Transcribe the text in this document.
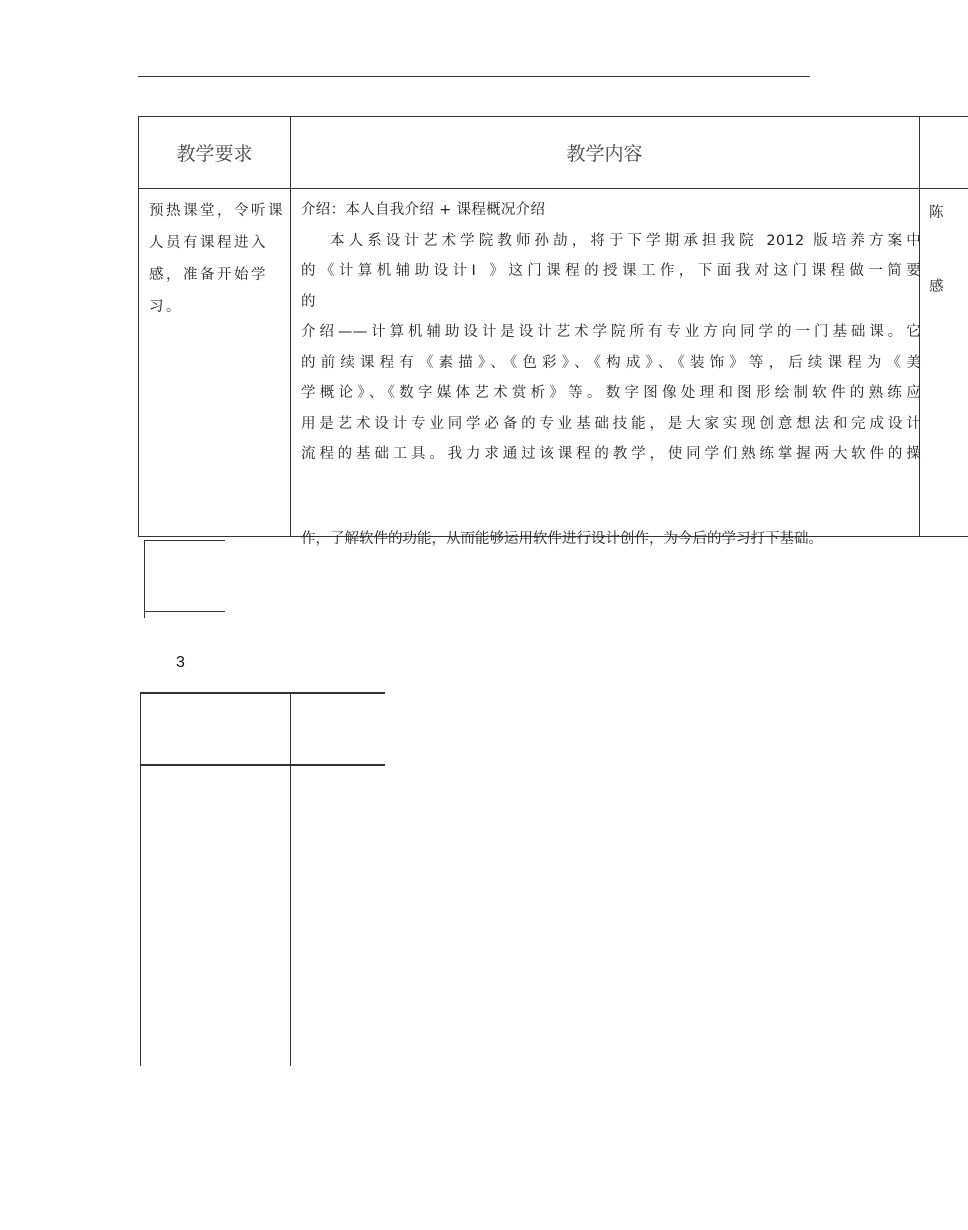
教学要求	教学内容
预热课堂，令听课人员有课程进入感，准备开始学习。

介绍：本人自我介绍 + 课程概况介绍

本人系设计艺术学院教师孙劼，将于下学期承担我院 2012 版培养方案中

的《计算机辅助设计Ⅰ 》这门课程的授课工作，下面我对这门课程做一简要

的

介绍——计算机辅助设计是设计艺术学院所有专业方向同学的一门基础课。它

的前续课程有《素描》、《色彩》、《构成》、《装饰》等，后续课程为《美

学概论》、《数字媒体艺术赏析》等。数字图像处理和图形绘制软件的熟练应

用是艺术设计专业同学必备的专业基础技能，是大家实现创意想法和完成设计

流程的基础工具。我力求通过该课程的教学，使同学们熟练掌握两大软件的操

作，了解软件的功能，从而能够运用软件进行设计创作，为今后的学习打下基础。
陈
感
3
